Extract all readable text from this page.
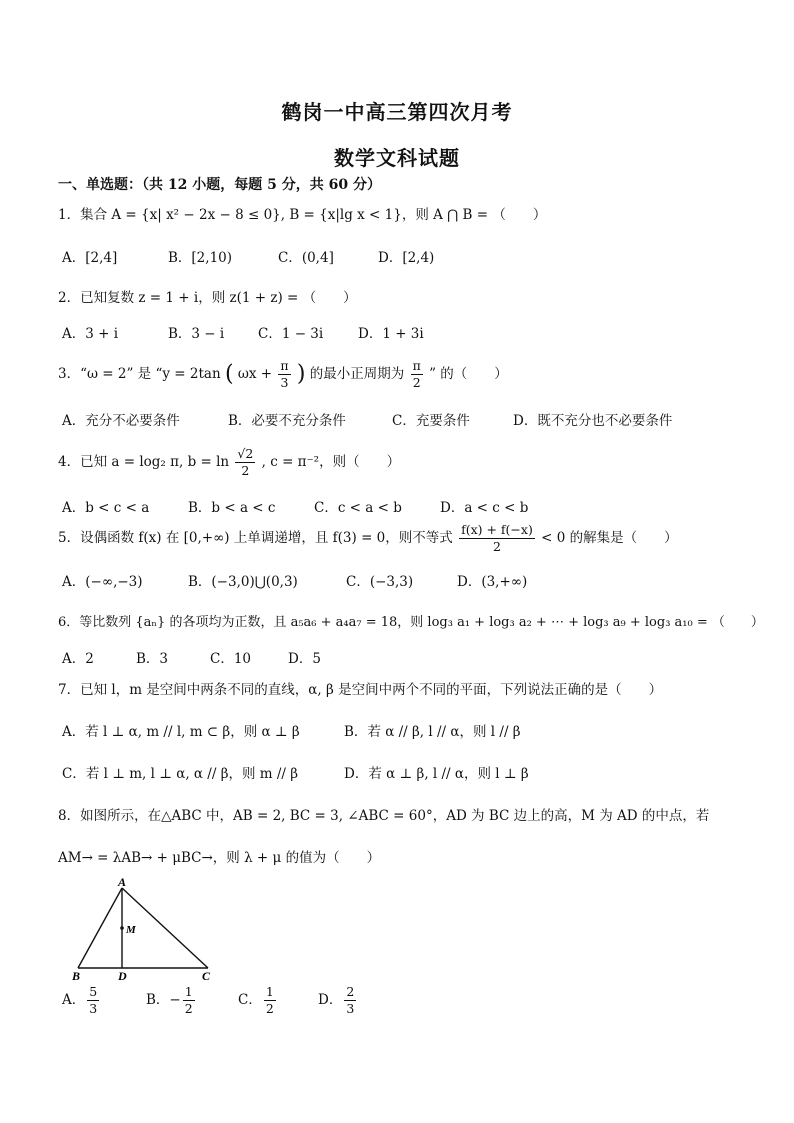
鹤岗一中高三第四次月考
数学文科试题
一、单选题：（共 12 小题，每题 5 分，共 60 分）
1．集合 A = {x| x² − 2x − 8 ≤ 0}, B = {x|lg x < 1}，则 A ⋂ B = （　　）
A．[2,4]	B．[2,10)	C．(0,4]	D．[2,4)
2．已知复数 z = 1 + i，则 z(1 + z) = （　　）
A．3 + i	B．3 − i	C．1 − 3i	D．1 + 3i
3．“ω = 2” 是 “y = 2tan ( $\omega x + \frac{\pi}{3}$ ) 的最小正周期为 $\frac{\pi}{2}$ ” 的（　　）
A．充分不必要条件	B．必要不充分条件	C．充要条件	D．既不充分也不必要条件
4．已知 a = log₂ π, $b = \ln \frac{√2}{2}$ , c = π⁻²，则（　　）
A．b < c < a	B．b < a < c	C．c < a < b	D．a < c < b
5．设偶函数 f(x) 在 [0,+∞) 上单调递增，且 f(3) = 0，则不等式 $\frac{f(x) + f(-x)}{2} < 0$ 的解集是（　　）
A．(−∞,−3)	B．(−3,0)⋃(0,3)	C．(−3,3)	D．(3,+∞)
6．等比数列 {aₙ} 的各项均为正数，且 a₅a₆ + a₄a₇ = 18，则 log₃ a₁ + log₃ a₂ + ⋯ + log₃ a₉ + log₃ a₁₀ = （　　）
A．2	B．3	C．10	D．5
7．已知 l，m 是空间中两条不同的直线，α, β 是空间中两个不同的平面，下列说法正确的是（　　）
A．若 l ⊥ α, m // l, m ⊂ β，则 α ⊥ β	B．若 α // β, l // α，则 l // β
C．若 l ⊥ m, l ⊥ α, α // β，则 m // β	D．若 α ⊥ β, l // α，则 l ⊥ β
8．如图所示，在△ABC 中，AB = 2, BC = 3, ∠ABC = 60°，AD 为 BC 边上的高，M 为 AD 的中点，若
AM→ = λAB→ + μBC→，则 λ + μ 的值为（　　）
A
B	D	C
M
A． $\frac{5}{3}$	B．− $\frac{1}{2}$	C． $\frac{1}{2}$	D． $\frac{2}{3}$
